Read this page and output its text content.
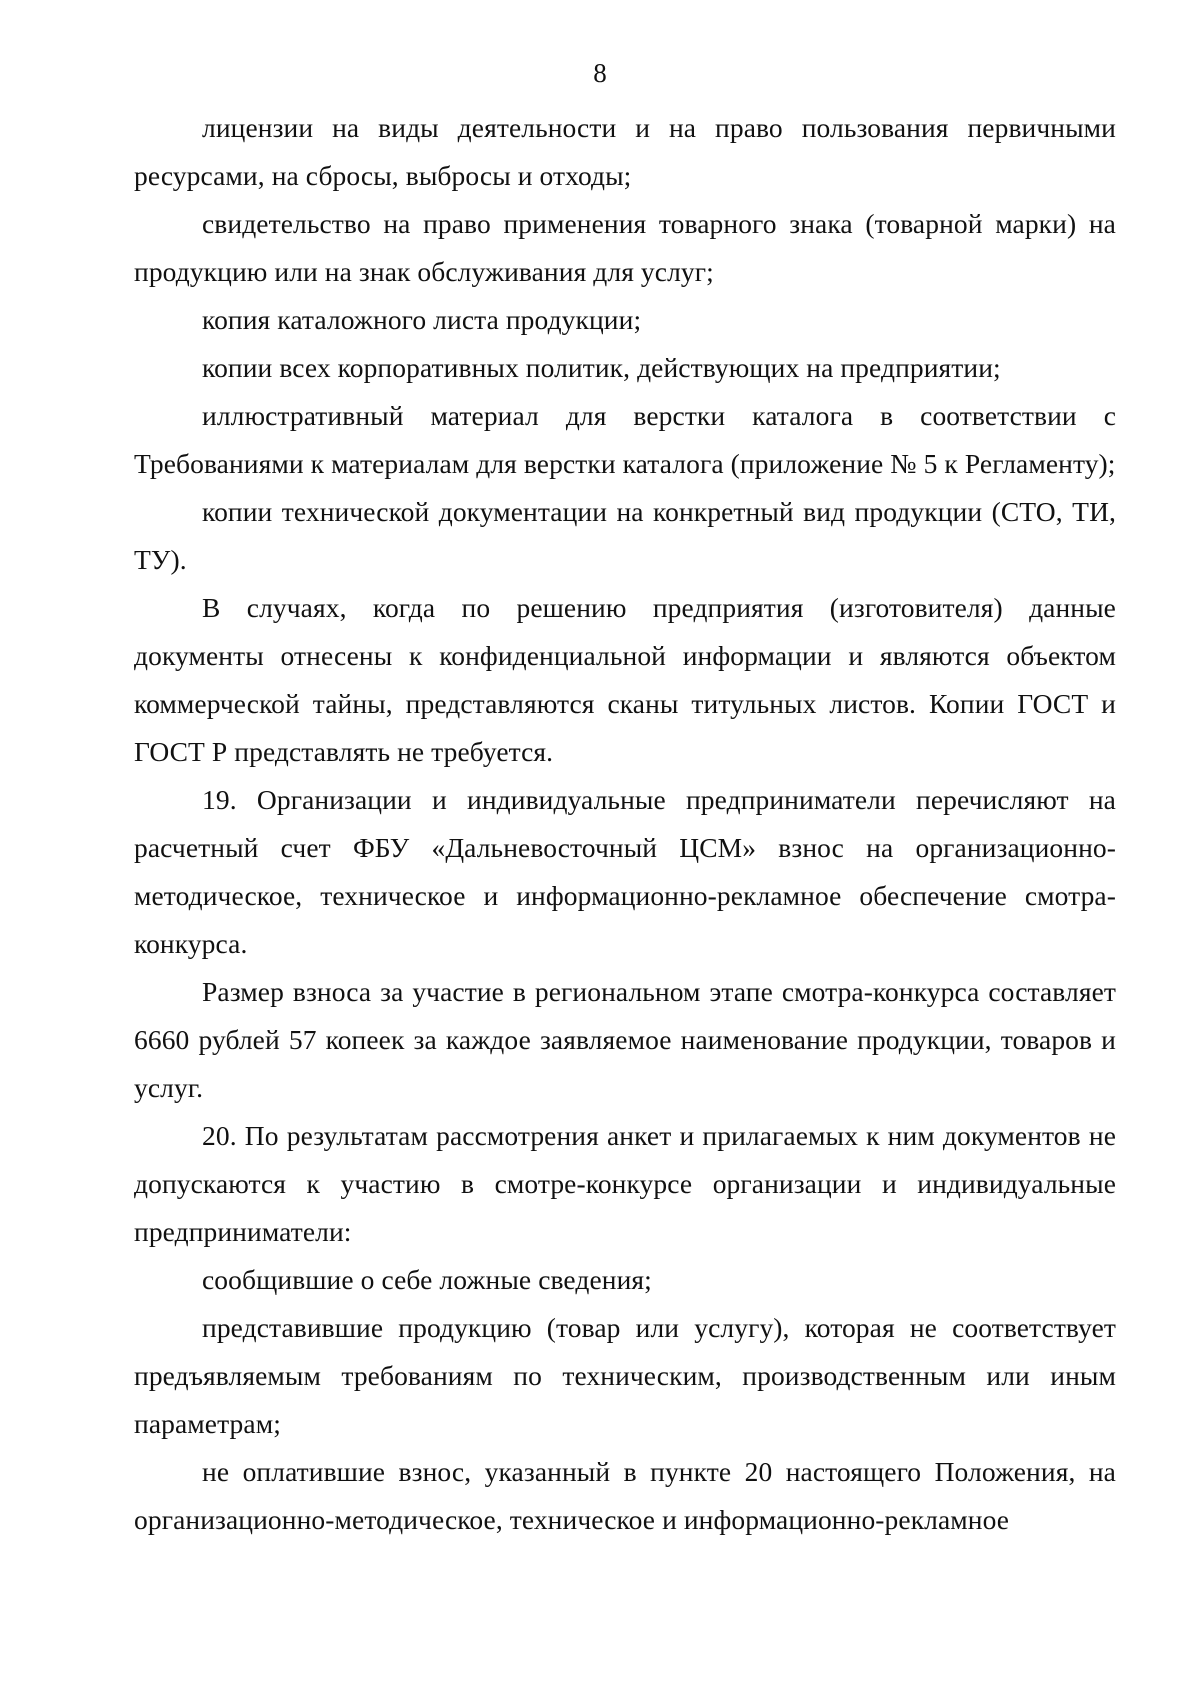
8

лицензии на виды деятельности и на право пользования первичными ресурсами, на сбросы, выбросы и отходы;

свидетельство на право применения товарного знака (товарной марки) на продукцию или на знак обслуживания для услуг;

копия каталожного листа продукции;

копии всех корпоративных политик, действующих на предприятии;

иллюстративный материал для верстки каталога в соответствии с Требованиями к материалам для верстки каталога (приложение № 5 к Регламенту);

копии технической документации на конкретный вид продукции (СТО, ТИ, ТУ).

В случаях, когда по решению предприятия (изготовителя) данные документы отнесены к конфиденциальной информации и являются объектом коммерческой тайны, представляются сканы титульных листов. Копии ГОСТ и ГОСТ Р представлять не требуется.

19. Организации и индивидуальные предприниматели перечисляют на расчетный счет ФБУ «Дальневосточный ЦСМ» взнос на организационно-методическое, техническое и информационно-рекламное обеспечение смотра-конкурса.

Размер взноса за участие в региональном этапе смотра-конкурса составляет 6660 рублей 57 копеек за каждое заявляемое наименование продукции, товаров и услуг.

20. По результатам рассмотрения анкет и прилагаемых к ним документов не допускаются к участию в смотре-конкурсе организации и индивидуальные предприниматели:

сообщившие о себе ложные сведения;

представившие продукцию (товар или услугу), которая не соответствует предъявляемым требованиям по техническим, производственным или иным параметрам;

не оплатившие взнос, указанный в пункте 20 настоящего Положения, на организационно-методическое, техническое и информационно-рекламное
